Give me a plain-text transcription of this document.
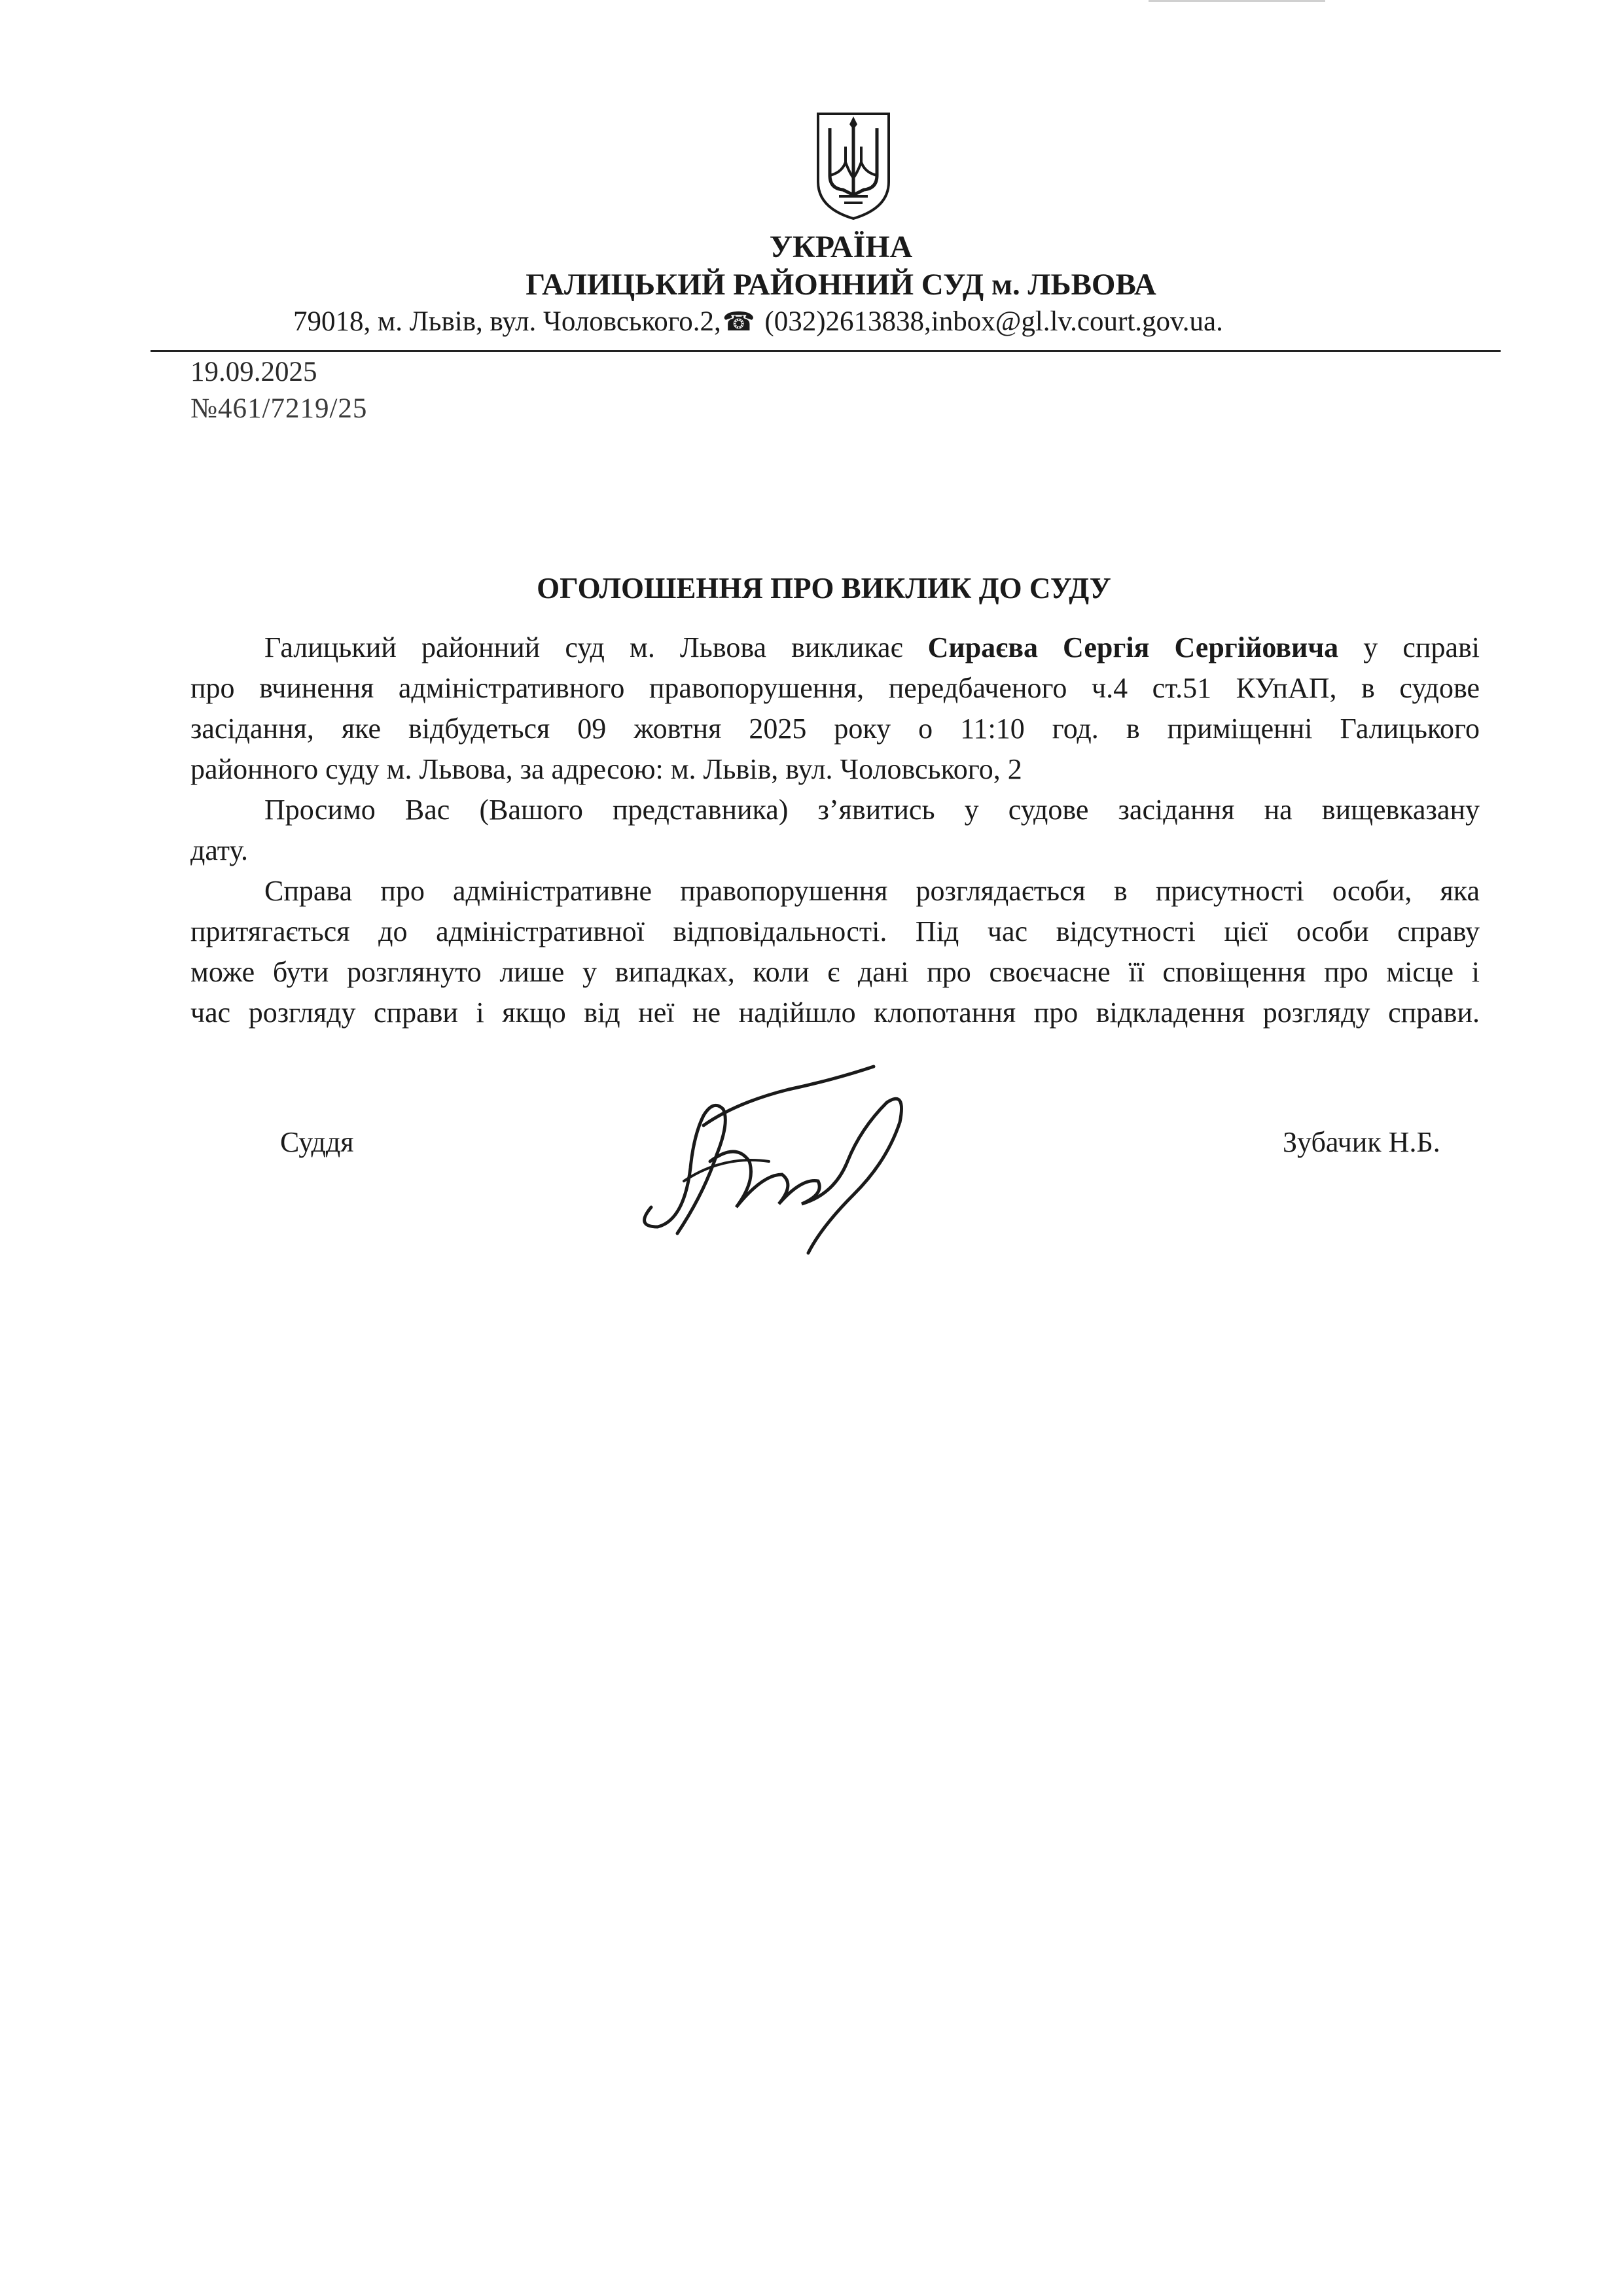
УКРАЇНА
ГАЛИЦЬКИЙ РАЙОННИЙ СУД м. ЛЬВОВА
79018, м. Львів, вул. Чоловського.2,☎ (032)2613838,inbox@gl.lv.court.gov.ua.
19.09.2025
№461/7219/25
ОГОЛОШЕННЯ ПРО ВИКЛИК ДО СУДУ
Галицький районний суд м. Львова викликає Сираєва Сергія Сергійовича у справі
про вчинення адміністративного правопорушення, передбаченого ч.4 ст.51 КУпАП, в судове
засідання, яке відбудеться 09 жовтня 2025 року о 11:10 год. в приміщенні Галицького
районного суду м. Львова, за адресою: м. Львів, вул. Чоловського, 2
Просимо Вас (Вашого представника) з’явитись у судове засідання на вищевказану
дату.
Справа про адміністративне правопорушення розглядається в присутності особи, яка
притягається до адміністративної відповідальності. Під час відсутності цієї особи справу
може бути розглянуто лише у випадках, коли є дані про своєчасне її сповіщення про місце і
час розгляду справи і якщо від неї не надійшло клопотання про відкладення розгляду справи.
Суддя	Зубачик Н.Б.
